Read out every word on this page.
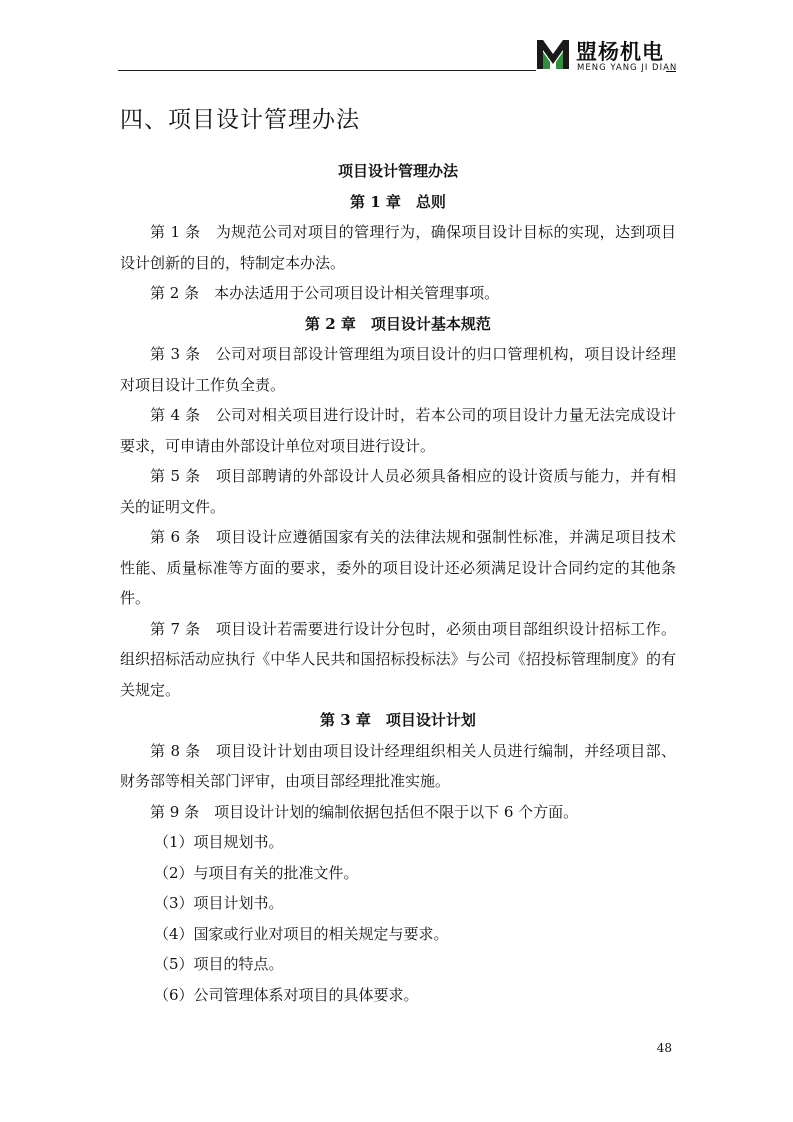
盟杨机电
MENG YANG JI DIAN
四、项目设计管理办法

项目设计管理办法

第 1 章　总则

第 1 条　为规范公司对项目的管理行为，确保项目设计目标的实现，达到项目设计创新的目的，特制定本办法。

第 2 条　本办法适用于公司项目设计相关管理事项。

第 2 章　项目设计基本规范

第 3 条　公司对项目部设计管理组为项目设计的归口管理机构，项目设计经理对项目设计工作负全责。

第 4 条　公司对相关项目进行设计时，若本公司的项目设计力量无法完成设计要求，可申请由外部设计单位对项目进行设计。

第 5 条　项目部聘请的外部设计人员必须具备相应的设计资质与能力，并有相关的证明文件。

第 6 条　项目设计应遵循国家有关的法律法规和强制性标准，并满足项目技术性能、质量标准等方面的要求，委外的项目设计还必须满足设计合同约定的其他条件。

第 7 条　项目设计若需要进行设计分包时，必须由项目部组织设计招标工作。组织招标活动应执行《中华人民共和国招标投标法》与公司《招投标管理制度》的有关规定。

第 3 章　项目设计计划

第 8 条　项目设计计划由项目设计经理组织相关人员进行编制，并经项目部、财务部等相关部门评审，由项目部经理批准实施。

第 9 条　项目设计计划的编制依据包括但不限于以下 6 个方面。

（1）项目规划书。

（2）与项目有关的批准文件。

（3）项目计划书。

（4）国家或行业对项目的相关规定与要求。

（5）项目的特点。

（6）公司管理体系对项目的具体要求。

48
